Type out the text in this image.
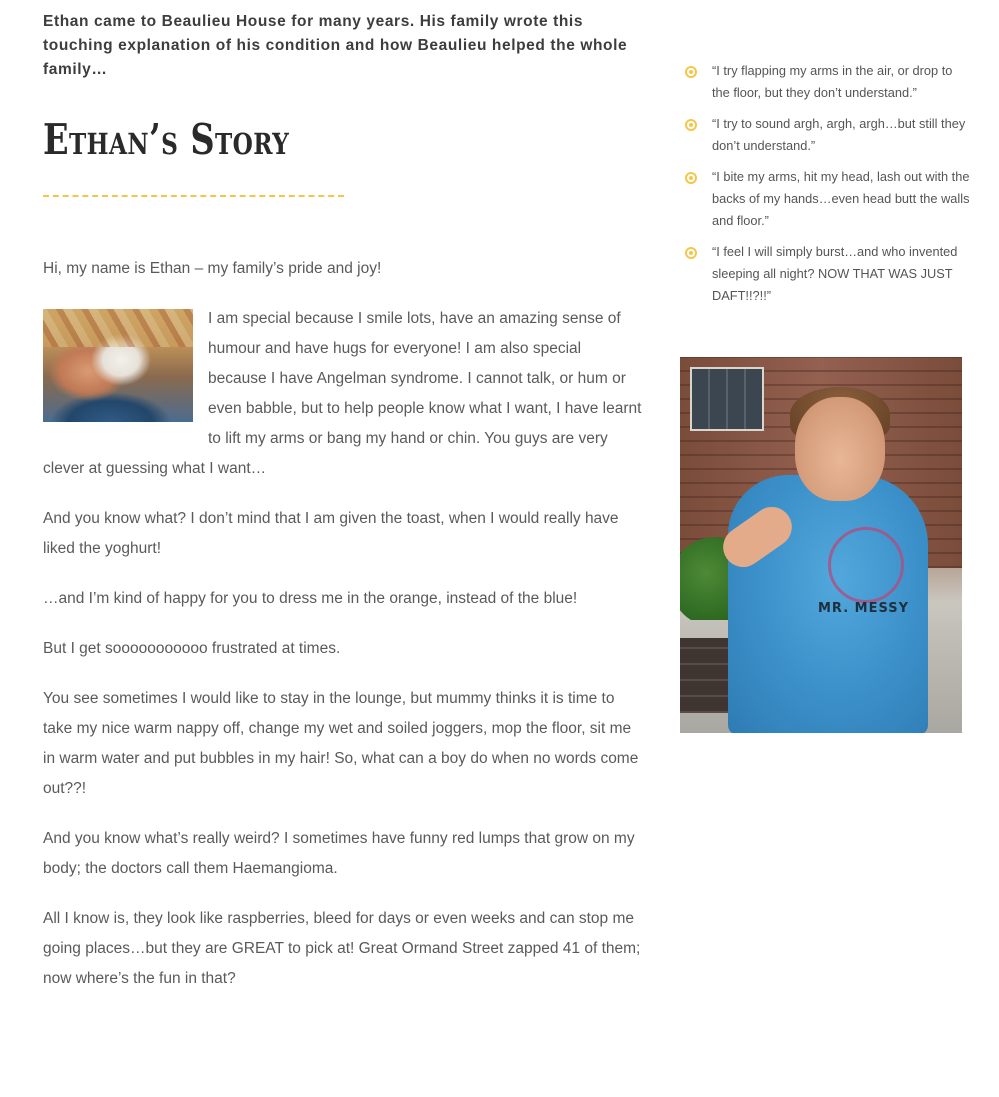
Ethan came to Beaulieu House for many years. His family wrote this touching explanation of his condition and how Beaulieu helped the whole family…

Ethan’s Story

Hi, my name is Ethan – my family’s pride and joy!

I am special because I smile lots, have an amazing sense of humour and have hugs for everyone! I am also special because I have Angelman syndrome. I cannot talk, or hum or even babble, but to help people know what I want, I have learnt to lift my arms or bang my hand or chin. You guys are very clever at guessing what I want…

And you know what? I don’t mind that I am given the toast, when I would really have liked the yoghurt!

…and I’m kind of happy for you to dress me in the orange, instead of the blue!

But I get sooooooooooo frustrated at times.

You see sometimes I would like to stay in the lounge, but mummy thinks it is time to take my nice warm nappy off, change my wet and soiled joggers, mop the floor, sit me in warm water and put bubbles in my hair! So, what can a boy do when no words come out??!

And you know what’s really weird? I sometimes have funny red lumps that grow on my body; the doctors call them Haemangioma.

All I know is, they look like raspberries, bleed for days or even weeks and can stop me going places…but they are GREAT to pick at! Great Ormand Street zapped 41 of them; now where’s the fun in that?

“I try flapping my arms in the air, or drop to the floor, but they don’t understand.”
“I try to sound argh, argh, argh…but still they don’t understand.”
“I bite my arms, hit my head, lash out with the backs of my hands…even head butt the walls and floor.”
“I feel I will simply burst…and who invented sleeping all night? NOW THAT WAS JUST DAFT!!?!!”
MR. MESSY
